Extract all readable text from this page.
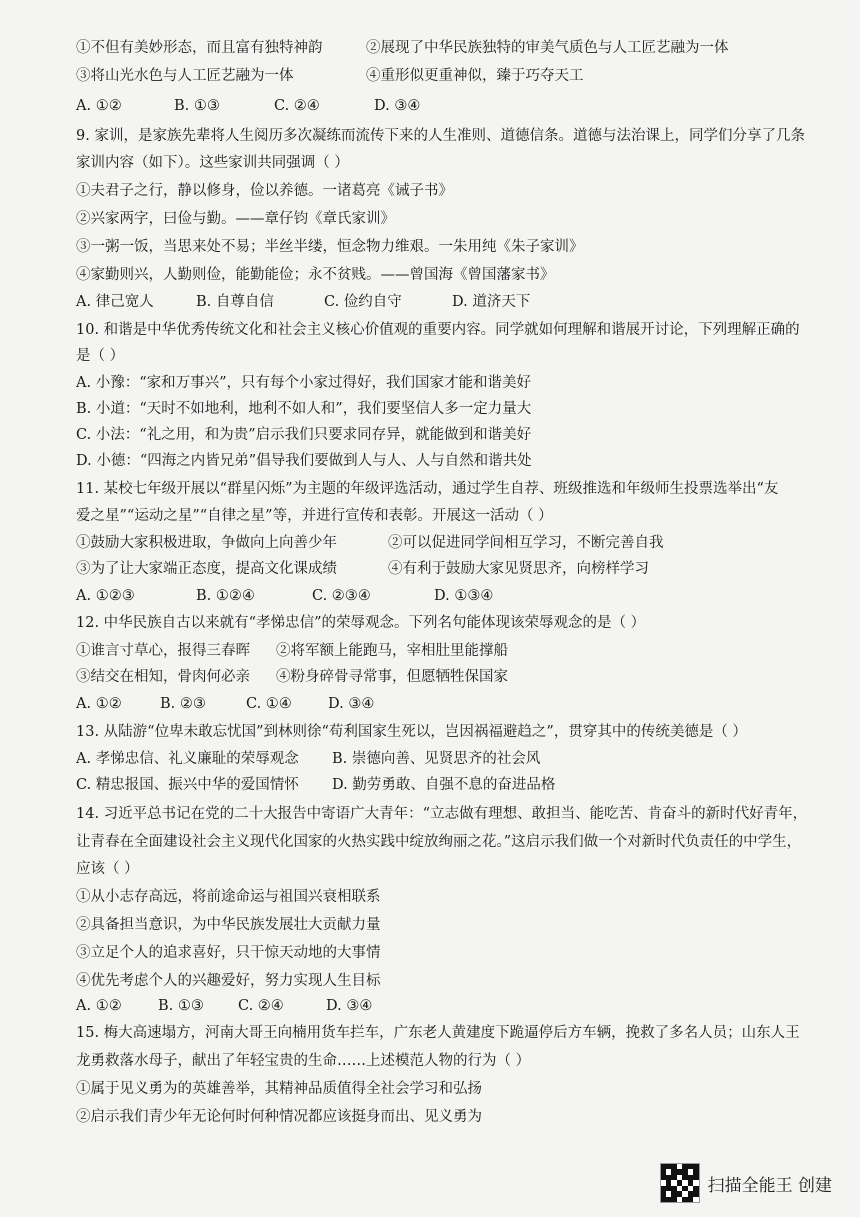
①不但有美妙形态，而且富有独特神韵	②展现了中华民族独特的审美气质色与人工匠艺融为一体
③将山光水色与人工匠艺融为一体	④重形似更重神似，臻于巧夺天工
A. ①②	B. ①③	C. ②④	D. ③④
9. 家训，是家族先辈将人生阅历多次凝练而流传下来的人生准则、道德信条。道德与法治课上，同学们分享了几条
家训内容（如下）。这些家训共同强调（ ）
①夫君子之行，静以修身，俭以养德。一诸葛亮《诫子书》
②兴家两字，曰俭与勤。——章仔钧《章氏家训》
③一粥一饭，当思来处不易；半丝半缕，恒念物力维艰。一朱用纯《朱子家训》
④家勤则兴，人勤则俭，能勤能俭；永不贫贱。——曾国海《曾国藩家书》
A. 律己宽人	B. 自尊自信	C. 俭约自守	D. 道济天下
10. 和谐是中华优秀传统文化和社会主义核心价值观的重要内容。同学就如何理解和谐展开讨论，下列理解正确的
是（ ）
A. 小豫：“家和万事兴”，只有每个小家过得好，我们国家才能和谐美好
B. 小道：“天时不如地利，地利不如人和”，我们要坚信人多一定力量大
C. 小法：“礼之用，和为贵”启示我们只要求同存异，就能做到和谐美好
D. 小德：“四海之内皆兄弟”倡导我们要做到人与人、人与自然和谐共处
11. 某校七年级开展以“群星闪烁”为主题的年级评选活动，通过学生自荐、班级推选和年级师生投票选举出“友
爱之星”“运动之星”“自律之星”等，并进行宣传和表彰。开展这一活动（ ）
①鼓励大家积极进取，争做向上向善少年	②可以促进同学间相互学习，不断完善自我
③为了让大家端正态度，提高文化课成绩	④有利于鼓励大家见贤思齐，向榜样学习
A. ①②③	B. ①②④	C. ②③④	D. ①③④
12. 中华民族自古以来就有“孝悌忠信”的荣辱观念。下列名句能体现该荣辱观念的是（ ）
①谁言寸草心，报得三春晖 ②将军额上能跑马，宰相肚里能撑船
③结交在相知，骨肉何必亲 ④粉身碎骨寻常事，但愿牺牲保国家
A. ①②	B. ②③	C. ①④ D. ③④
13. 从陆游“位卑未敢忘忧国”到林则徐“苟利国家生死以，岂因祸福避趋之”，贯穿其中的传统美德是（ ）
A. 孝悌忠信、礼义廉耻的荣辱观念 B. 崇德向善、见贤思齐的社会风
C. 精忠报国、振兴中华的爱国情怀 D. 勤劳勇敢、自强不息的奋进品格
14. 习近平总书记在党的二十大报告中寄语广大青年：“立志做有理想、敢担当、能吃苦、肯奋斗的新时代好青年，
让青春在全面建设社会主义现代化国家的火热实践中绽放绚丽之花。”这启示我们做一个对新时代负责任的中学生，
应该（ ）
①从小志存高远，将前途命运与祖国兴衰相联系
②具备担当意识，为中华民族发展壮大贡献力量
③立足个人的追求喜好，只干惊天动地的大事情
④优先考虑个人的兴趣爱好，努力实现人生目标
A. ①②	B. ①③ C. ②④	D. ③④
15. 梅大高速塌方，河南大哥王向楠用货车拦车，广东老人黄建度下跪逼停后方车辆，挽救了多名人员；山东人王
龙勇救落水母子，献出了年轻宝贵的生命……上述模范人物的行为（ ）
①属于见义勇为的英雄善举，其精神品质值得全社会学习和弘扬
②启示我们青少年无论何时何种情况都应该挺身而出、见义勇为
扫描全能王 创建
